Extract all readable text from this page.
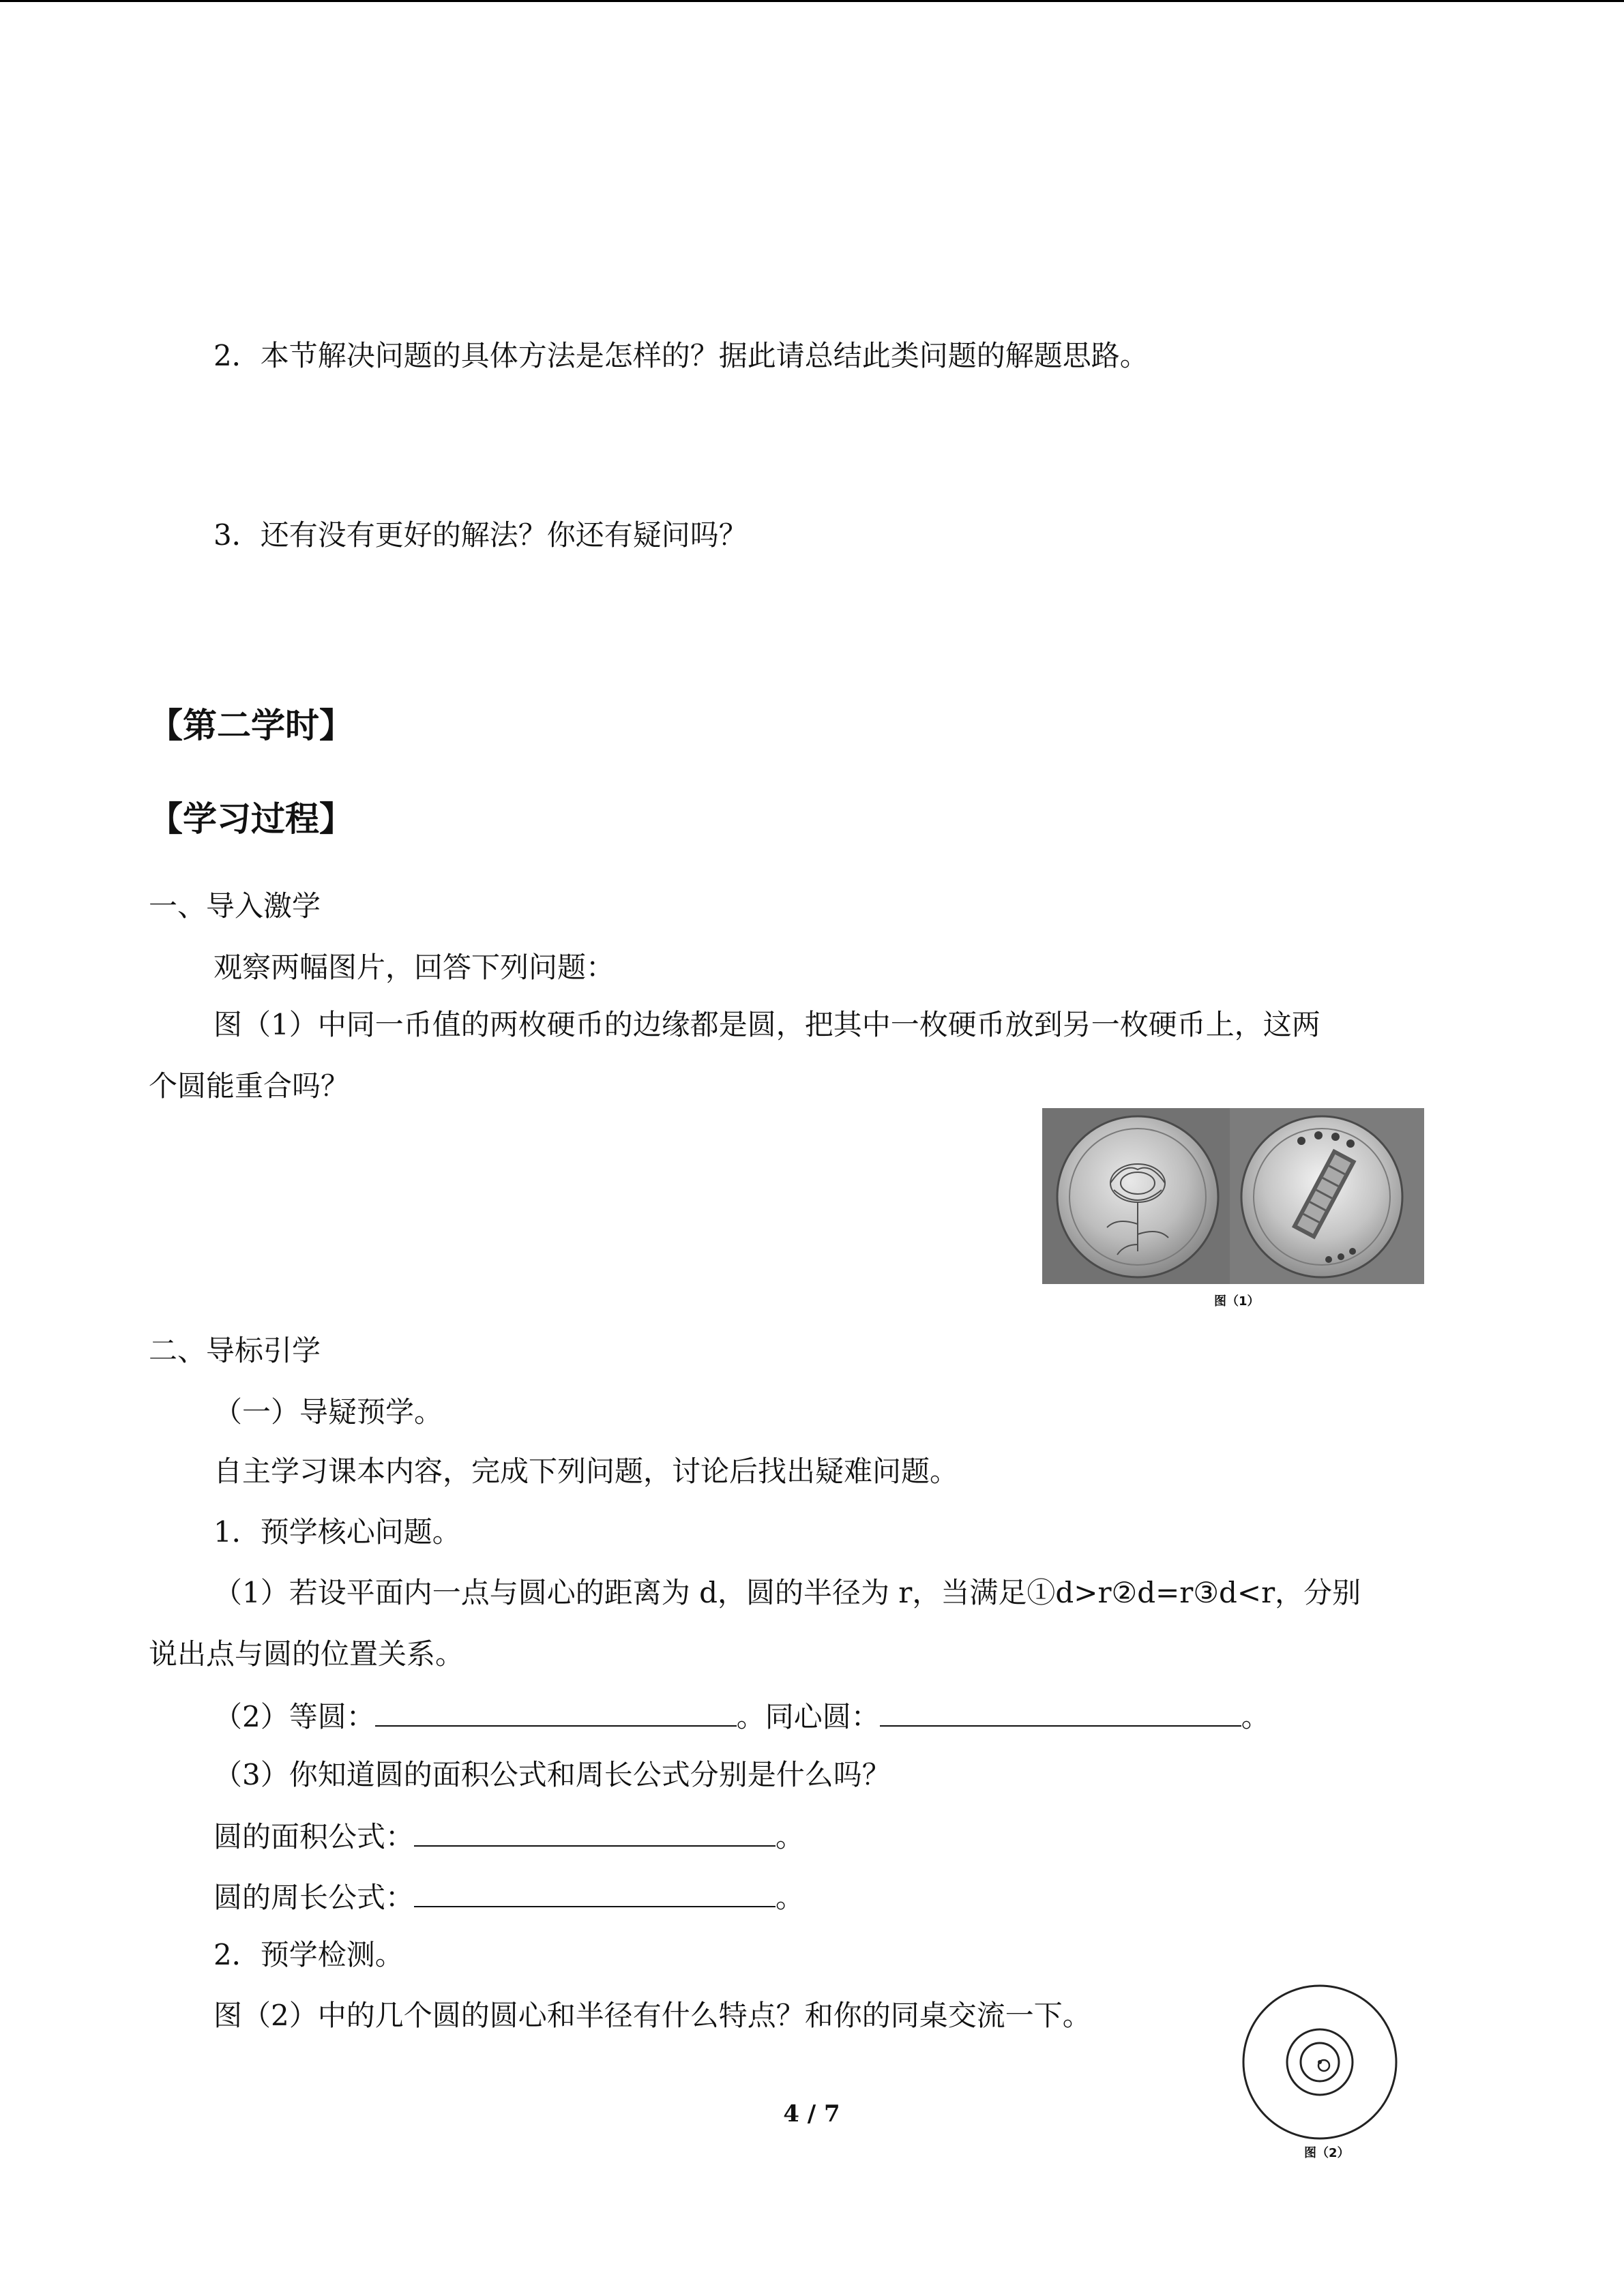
2．本节解决问题的具体方法是怎样的？据此请总结此类问题的解题思路。
3．还有没有更好的解法？你还有疑问吗？
【第二学时】
【学习过程】
一、导入激学
观察两幅图片，回答下列问题：
图（1）中同一币值的两枚硬币的边缘都是圆，把其中一枚硬币放到另一枚硬币上，这两
个圆能重合吗？
图（1）
二、导标引学
（一）导疑预学。
自主学习课本内容，完成下列问题，讨论后找出疑难问题。
1．预学核心问题。
（1）若设平面内一点与圆心的距离为 d，圆的半径为 r，当满足①d>r②d=r③d<r，分别
说出点与圆的位置关系。
（2）等圆：	。同心圆：	。
（3）你知道圆的面积公式和周长公式分别是什么吗？
圆的面积公式：	。
圆的周长公式：	。
2．预学检测。
图（2）中的几个圆的圆心和半径有什么特点？和你的同桌交流一下。
图（2）
4 / 7
